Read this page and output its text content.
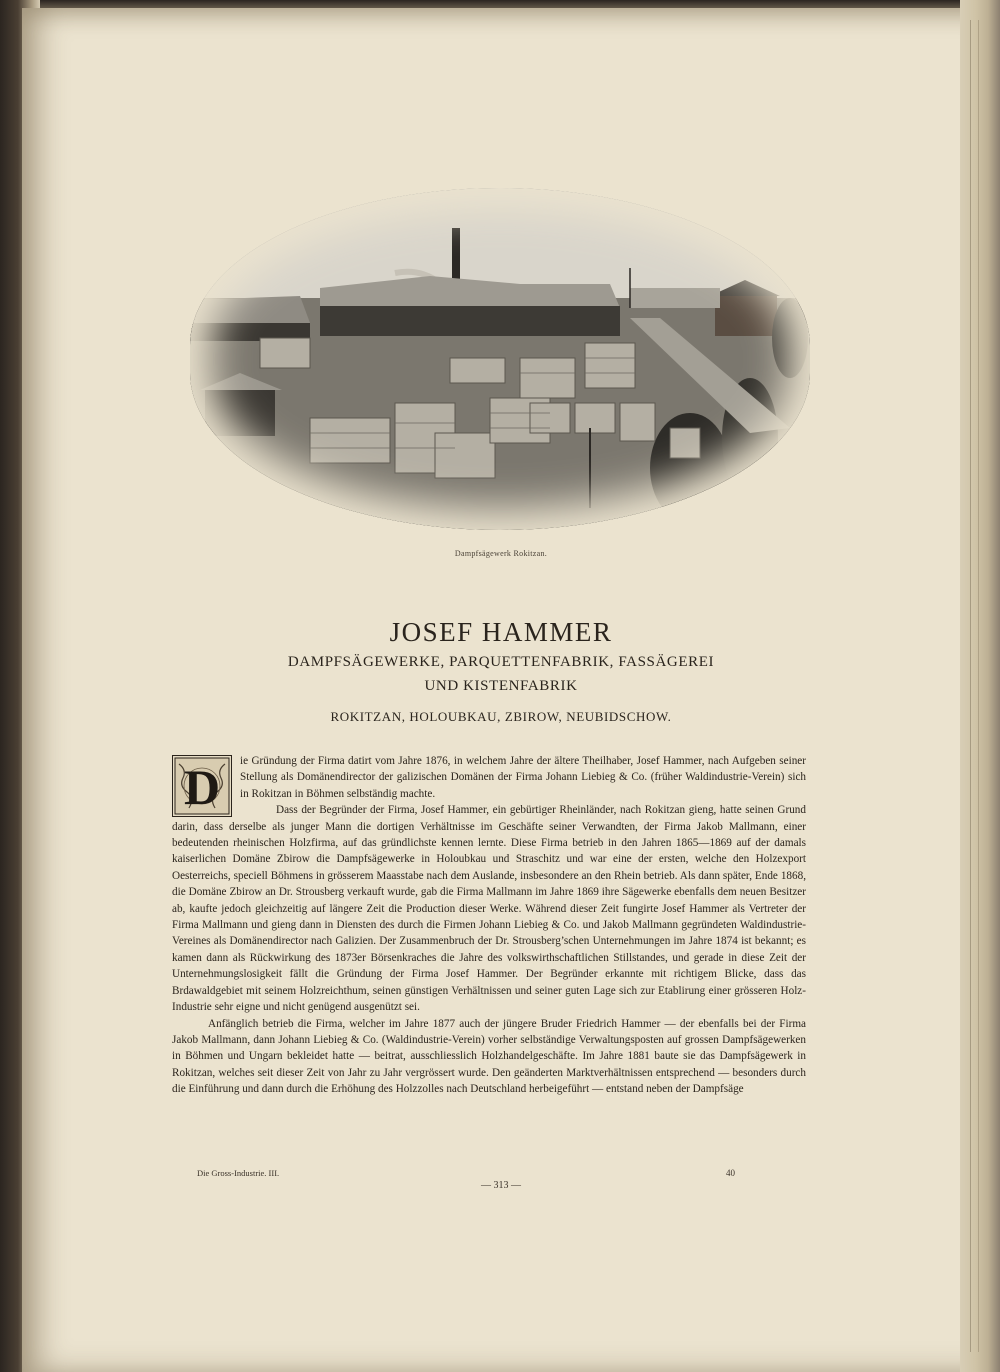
Dampfsägewerk Rokitzan.
JOSEF HAMMER
DAMPFSÄGEWERKE, PARQUETTENFABRIK, FASSÄGEREI
UND KISTENFABRIK
ROKITZAN, HOLOUBKAU, ZBIROW, NEUBIDSCHOW.

D ie Gründung der Firma datirt vom Jahre 1876, in welchem Jahre der ältere Theilhaber, Josef Hammer, nach Aufgeben seiner Stellung als Domänendirector der galizischen Domänen der Firma Johann Liebieg & Co. (früher Waldindustrie-Verein) sich in Rokitzan in Böhmen selbständig machte.

Dass der Begründer der Firma, Josef Hammer, ein gebürtiger Rheinländer, nach Rokitzan gieng, hatte seinen Grund darin, dass derselbe als junger Mann die dortigen Verhältnisse im Geschäfte seiner Verwandten, der Firma Jakob Mallmann, einer bedeutenden rheinischen Holzfirma, auf das gründlichste kennen lernte. Diese Firma betrieb in den Jahren 1865—1869 auf der damals kaiserlichen Domäne Zbirow die Dampfsägewerke in Holoubkau und Straschitz und war eine der ersten, welche den Holzexport Oesterreichs, speciell Böhmens in grösserem Maasstabe nach dem Auslande, insbesondere an den Rhein betrieb. Als dann später, Ende 1868, die Domäne Zbirow an Dr. Strousberg verkauft wurde, gab die Firma Mallmann im Jahre 1869 ihre Sägewerke ebenfalls dem neuen Besitzer ab, kaufte jedoch gleichzeitig auf längere Zeit die Production dieser Werke. Während dieser Zeit fungirte Josef Hammer als Vertreter der Firma Mallmann und gieng dann in Diensten des durch die Firmen Johann Liebieg & Co. und Jakob Mallmann gegründeten Waldindustrie-Vereines als Domänendirector nach Galizien. Der Zusammenbruch der Dr. Strousberg’schen Unternehmungen im Jahre 1874 ist bekannt; es kamen dann als Rückwirkung des 1873er Börsenkraches die Jahre des volkswirthschaftlichen Stillstandes, und gerade in diese Zeit der Unternehmungslosigkeit fällt die Gründung der Firma Josef Hammer. Der Begründer erkannte mit richtigem Blicke, dass das Brdawaldgebiet mit seinem Holzreichthum, seinen günstigen Verhältnissen und seiner guten Lage sich zur Etablirung einer grösseren Holz-Industrie sehr eigne und nicht genügend ausgenützt sei.

Anfänglich betrieb die Firma, welcher im Jahre 1877 auch der jüngere Bruder Friedrich Hammer — der ebenfalls bei der Firma Jakob Mallmann, dann Johann Liebieg & Co. (Waldindustrie-Verein) vorher selbständige Verwaltungsposten auf grossen Dampfsägewerken in Böhmen und Ungarn bekleidet hatte — beitrat, ausschliesslich Holzhandelgeschäfte. Im Jahre 1881 baute sie das Dampfsägewerk in Rokitzan, welches seit dieser Zeit von Jahr zu Jahr vergrössert wurde. Den geänderten Marktverhältnissen entsprechend — besonders durch die Einführung und dann durch die Erhöhung des Holzzolles nach Deutschland herbeigeführt — entstand neben der Dampfsäge

Die Gross-Industrie. III.	40
— 313 —
